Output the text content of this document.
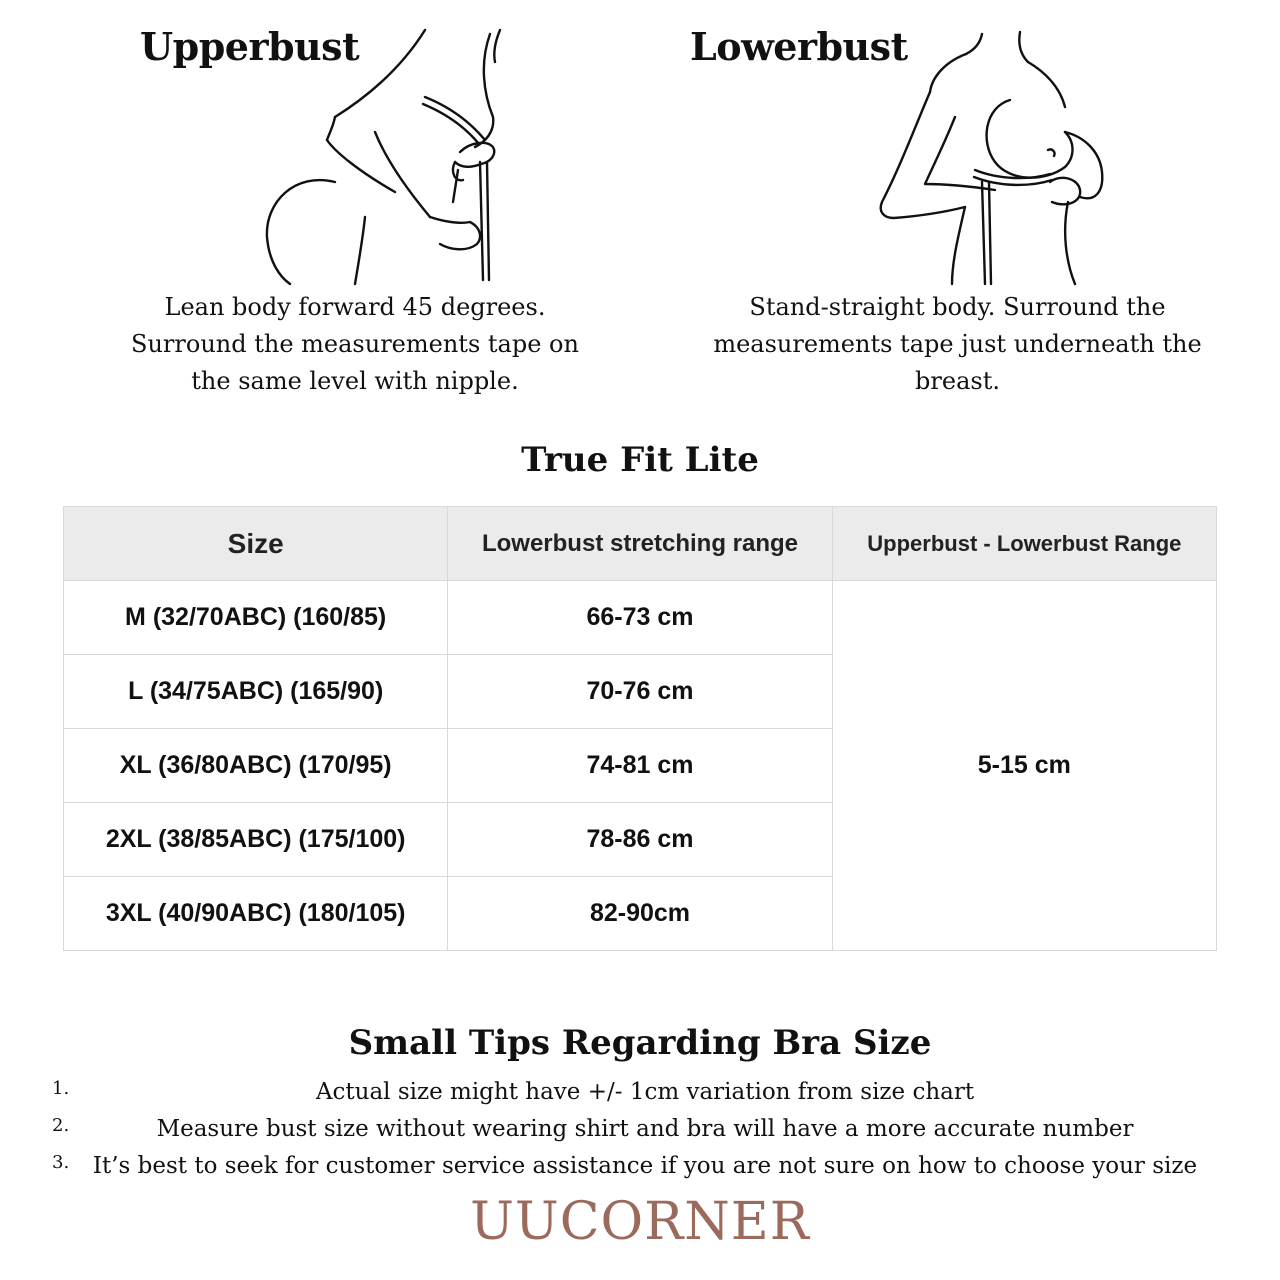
Upperbust	Lowerbust

Lean body forward 45 degrees. Surround the measurements tape on the same level with nipple.

Stand-straight body. Surround the measurements tape just underneath the breast.

True Fit Lite
Size	Lowerbust stretching range	Upperbust - Lowerbust Range
M (32/70ABC) (160/85)	66-73 cm	5-15 cm
L (34/75ABC) (165/90)	70-76 cm	
XL (36/80ABC) (170/95)	74-81 cm	
2XL (38/85ABC) (175/100)	78-86 cm	
3XL (40/90ABC) (180/105)	82-90cm	
Small Tips Regarding Bra Size
1.	Actual size might have +/- 1cm variation from size chart
2.	Measure bust size without wearing shirt and bra will have a more accurate number
3.	It’s best to seek for customer service assistance if you are not sure on how to choose your size
UUCORNER
